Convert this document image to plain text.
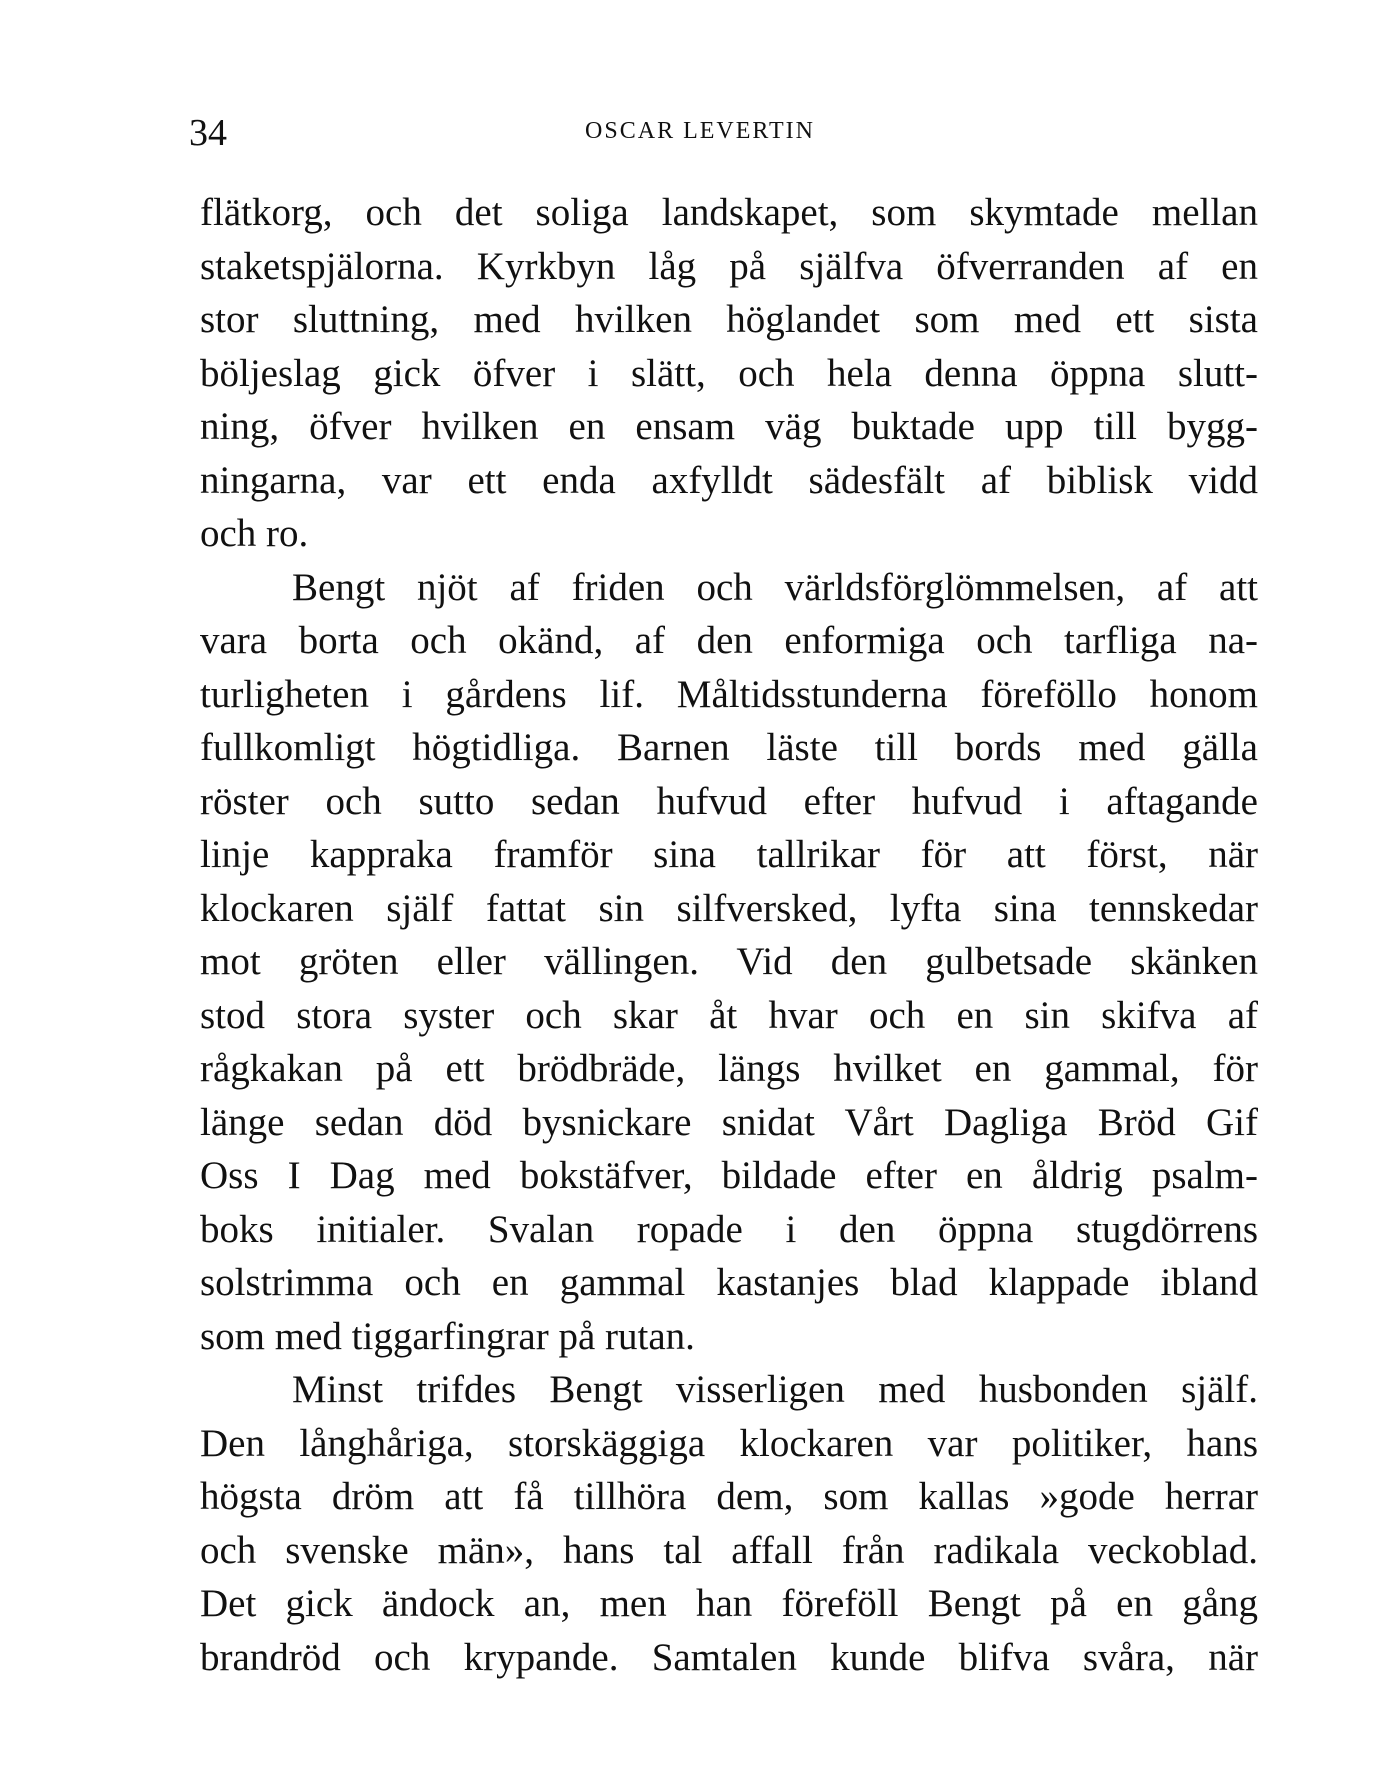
34	OSCAR LEVERTIN
flätkorg, och det soliga landskapet, som skymtade mellan
staketspjälorna. Kyrkbyn låg på själfva öfverranden af en
stor sluttning, med hvilken höglandet som med ett sista
böljeslag gick öfver i slätt, och hela denna öppna slutt-
ning, öfver hvilken en ensam väg buktade upp till bygg-
ningarna, var ett enda axfylldt sädesfält af biblisk vidd
och ro.
Bengt njöt af friden och världsförglömmelsen, af att
vara borta och okänd, af den enformiga och tarfliga na-
turligheten i gårdens lif. Måltidsstunderna föreföllo honom
fullkomligt högtidliga. Barnen läste till bords med gälla
röster och sutto sedan hufvud efter hufvud i aftagande
linje kappraka framför sina tallrikar för att först, när
klockaren själf fattat sin silfversked, lyfta sina tennskedar
mot gröten eller vällingen. Vid den gulbetsade skänken
stod stora syster och skar åt hvar och en sin skifva af
rågkakan på ett brödbräde, längs hvilket en gammal, för
länge sedan död bysnickare snidat Vårt Dagliga Bröd Gif
Oss I Dag med bokstäfver, bildade efter en åldrig psalm-
boks initialer. Svalan ropade i den öppna stugdörrens
solstrimma och en gammal kastanjes blad klappade ibland
som med tiggarfingrar på rutan.
Minst trifdes Bengt visserligen med husbonden själf.
Den långhåriga, storskäggiga klockaren var politiker, hans
högsta dröm att få tillhöra dem, som kallas »gode herrar
och svenske män», hans tal affall från radikala veckoblad.
Det gick ändock an, men han föreföll Bengt på en gång
brandröd och krypande. Samtalen kunde blifva svåra, när
